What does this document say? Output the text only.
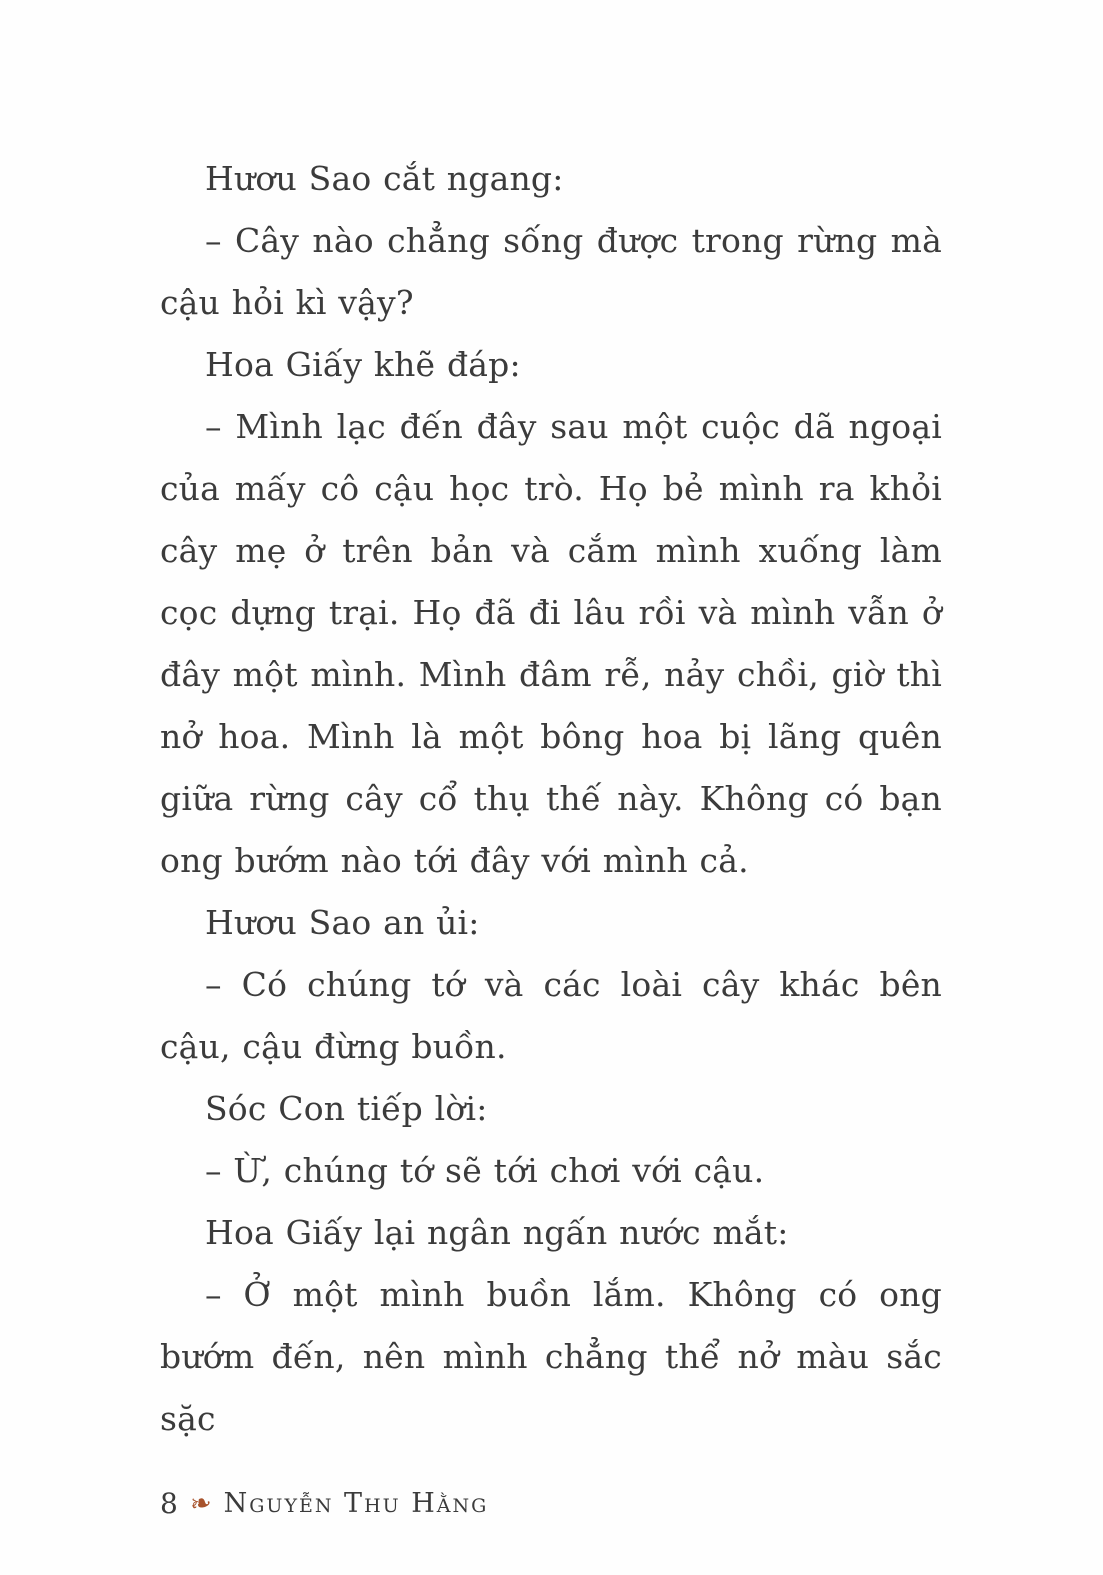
Hươu Sao cắt ngang:

– Cây nào chẳng sống được trong rừng mà cậu hỏi kì vậy?

Hoa Giấy khẽ đáp:

– Mình lạc đến đây sau một cuộc dã ngoại của mấy cô cậu học trò. Họ bẻ mình ra khỏi cây mẹ ở trên bản và cắm mình xuống làm cọc dựng trại. Họ đã đi lâu rồi và mình vẫn ở đây một mình. Mình đâm rễ, nảy chồi, giờ thì nở hoa. Mình là một bông hoa bị lãng quên giữa rừng cây cổ thụ thế này. Không có bạn ong bướm nào tới đây với mình cả.

Hươu Sao an ủi:

– Có chúng tớ và các loài cây khác bên cậu, cậu đừng buồn.

Sóc Con tiếp lời:

– Ừ, chúng tớ sẽ tới chơi với cậu.

Hoa Giấy lại ngân ngấn nước mắt:

– Ở một mình buồn lắm. Không có ong bướm đến, nên mình chẳng thể nở màu sắc sặc

8 ❧ Nguyễn Thu Hằng
